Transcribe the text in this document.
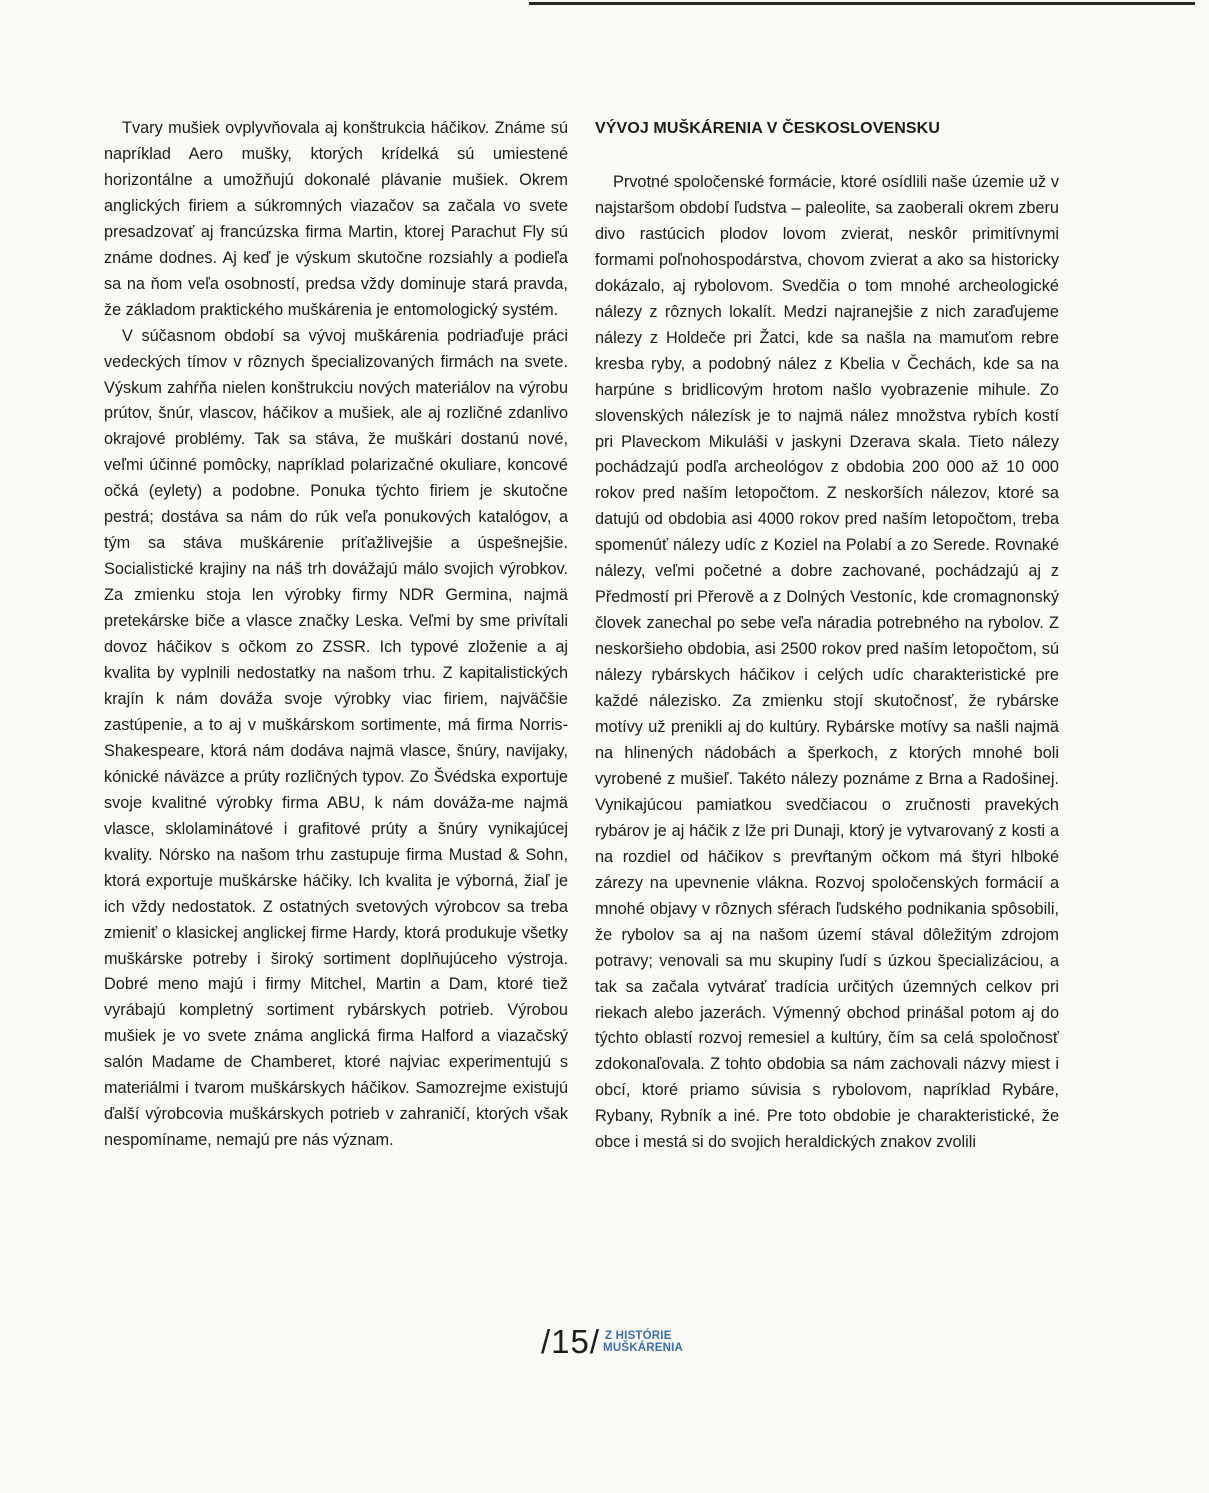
Tvary mušiek ovplyvňovala aj konštrukcia háčikov. Známe sú napríklad Aero mušky, ktorých krídelká sú umiestené horizontálne a umožňujú dokonalé plávanie mušiek. Okrem anglických firiem a súkromných viazačov sa začala vo svete presadzovať aj francúzska firma Martin, ktorej Parachut Fly sú známe dodnes. Aj keď je výskum skutočne rozsiahly a podieľa sa na ňom veľa osobností, predsa vždy dominuje stará pravda, že základom praktického muškárenia je entomologický systém.

V súčasnom období sa vývoj muškárenia podriaďuje práci vedeckých tímov v rôznych špecializovaných firmách na svete. Výskum zahŕňa nielen konštrukciu nových materiálov na výrobu prútov, šnúr, vlascov, háčikov a mušiek, ale aj rozličné zdanlivo okrajové problémy. Tak sa stáva, že muškári dostanú nové, veľmi účinné pomôcky, napríklad polarizačné okuliare, koncové očká (eylety) a podobne. Ponuka týchto firiem je skutočne pestrá; dostáva sa nám do rúk veľa ponukových katalógov, a tým sa stáva muškárenie príťažlivejšie a úspešnejšie. Socialistické krajiny na náš trh dovážajú málo svojich výrobkov. Za zmienku stoja len výrobky firmy NDR Germina, najmä pretekárske biče a vlasce značky Leska. Veľmi by sme privítali dovoz háčikov s očkom zo ZSSR. Ich typové zloženie a aj kvalita by vyplnili nedostatky na našom trhu. Z kapitalistických krajín k nám dováža svoje výrobky viac firiem, najväčšie zastúpenie, a to aj v muškárskom sortimente, má firma Norris-Shakespeare, ktorá nám dodáva najmä vlasce, šnúry, navijaky, kónické náväzce a prúty rozličných typov. Zo Švédska exportuje svoje kvalitné výrobky firma ABU, k nám dováža-me najmä vlasce, sklolaminátové i grafitové prúty a šnúry vynikajúcej kvality. Nórsko na našom trhu zastupuje firma Mustad & Sohn, ktorá exportuje muškárske háčiky. Ich kvalita je výborná, žiaľ je ich vždy nedostatok. Z ostatných svetových výrobcov sa treba zmieniť o klasickej anglickej firme Hardy, ktorá produkuje všetky muškárske potreby i široký sortiment doplňujúceho výstroja. Dobré meno majú i firmy Mitchel, Martin a Dam, ktoré tiež vyrábajú kompletný sortiment rybárskych potrieb. Výrobou mušiek je vo svete známa anglická firma Halford a viazačský salón Madame de Chamberet, ktoré najviac experimentujú s materiálmi i tvarom muškárskych háčikov. Samozrejme existujú ďalší výrobcovia muškárskych potrieb v zahraničí, ktorých však nespomíname, nemajú pre nás význam.

VÝVOJ MUŠKÁRENIA V ČESKOSLOVENSKU

Prvotné spoločenské formácie, ktoré osídlili naše územie už v najstaršom období ľudstva – paleolite, sa zaoberali okrem zberu divo rastúcich plodov lovom zvierat, neskôr primitívnymi formami poľnohospodárstva, chovom zvierat a ako sa historicky dokázalo, aj rybolovom. Svedčia o tom mnohé archeologické nálezy z rôznych lokalít. Medzi najranejšie z nich zaraďujeme nálezy z Holdeče pri Žatci, kde sa našla na mamuťom rebre kresba ryby, a podobný nález z Kbelia v Čechách, kde sa na harpúne s bridlicovým hrotom našlo vyobrazenie mihule. Zo slovenských nálezísk je to najmä nález množstva rybích kostí pri Plaveckom Mikuláši v jaskyni Dzerava skala. Tieto nálezy pochádzajú podľa archeológov z obdobia 200 000 až 10 000 rokov pred naším letopočtom. Z neskorších nálezov, ktoré sa datujú od obdobia asi 4000 rokov pred naším letopočtom, treba spomenúť nálezy udíc z Koziel na Polabí a zo Serede. Rovnaké nálezy, veľmi početné a dobre zachované, pochádzajú aj z Předmostí pri Přerově a z Dolných Vestoníc, kde cromagnonský človek zanechal po sebe veľa náradia potrebného na rybolov. Z neskoršieho obdobia, asi 2500 rokov pred naším letopočtom, sú nálezy rybárskych háčikov i celých udíc charakteristické pre každé nálezisko. Za zmienku stojí skutočnosť, že rybárske motívy už prenikli aj do kultúry. Rybárske motívy sa našli najmä na hlinených nádobách a šperkoch, z ktorých mnohé boli vyrobené z mušieľ. Takéto nálezy poznáme z Brna a Radošinej. Vynikajúcou pamiatkou svedčiacou o zručnosti pravekých rybárov je aj háčik z lže pri Dunaji, ktorý je vytvarovaný z kosti a na rozdiel od háčikov s prevŕtaným očkom má štyri hlboké zárezy na upevnenie vlákna. Rozvoj spoločenských formácií a mnohé objavy v rôznych sférach ľudského podnikania spôsobili, že rybolov sa aj na našom území stával dôležitým zdrojom potravy; venovali sa mu skupiny ľudí s úzkou špecializáciou, a tak sa začala vytvárať tradícia určitých územných celkov pri riekach alebo jazerách. Výmenný obchod prinášal potom aj do týchto oblastí rozvoj remesiel a kultúry, čím sa celá spoločnosť zdokonaľovala. Z tohto obdobia sa nám zachovali názvy miest i obcí, ktoré priamo súvisia s rybolovom, napríklad Rybáre, Rybany, Rybník a iné. Pre toto obdobie je charakteristické, že obce i mestá si do svojich heraldických znakov zvolili

/15/ Z HISTÓRIE
MUŠKÁRENIA
